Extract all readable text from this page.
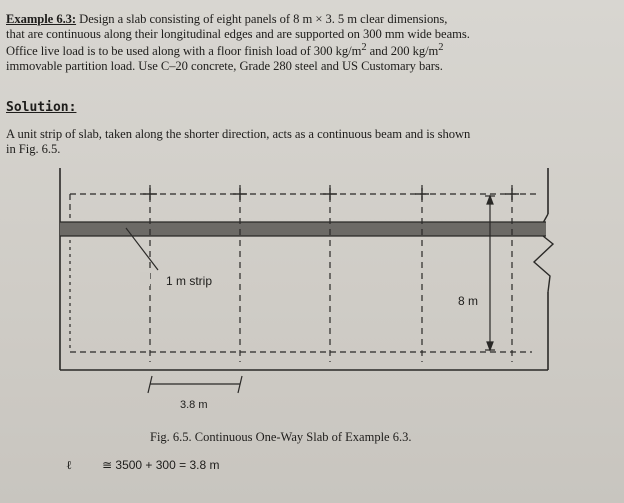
Example 6.3: Design a slab consisting of eight panels of 8 m × 3. 5 m clear dimensions,
that are continuous along their longitudinal edges and are supported on 300 mm wide beams.
Office live load is to be used along with a floor finish load of 300 $kg/m^2$ and 200 $kg/m^2$
immovable partition load. Use C–20 concrete, Grade 280 steel and US Customary bars.
Solution:
A unit strip of slab, taken along the shorter direction, acts as a continuous beam and is shown
in Fig. 6.5.
1 m strip
8 m
3.8 m
Fig. 6.5. Continuous One-Way Slab of Example 6.3.
ℓ	≅ 3500 + 300 = 3.8 m
